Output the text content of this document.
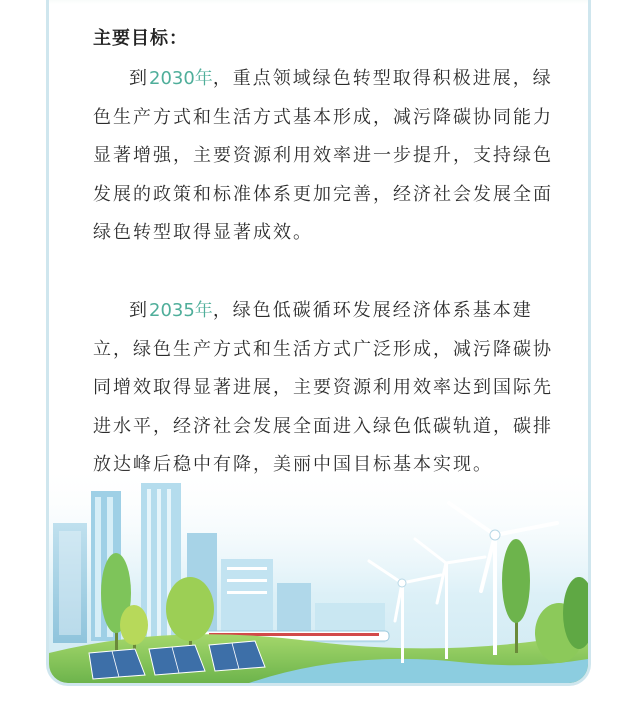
主要目标：

到2030年，重点领域绿色转型取得积极进展，绿色生产方式和生活方式基本形成，减污降碳协同能力显著增强，主要资源利用效率进一步提升，支持绿色发展的政策和标准体系更加完善，经济社会发展全面绿色转型取得显著成效。

到2035年，绿色低碳循环发展经济体系基本建立，绿色生产方式和生活方式广泛形成，减污降碳协同增效取得显著进展，主要资源利用效率达到国际先进水平，经济社会发展全面进入绿色低碳轨道，碳排
